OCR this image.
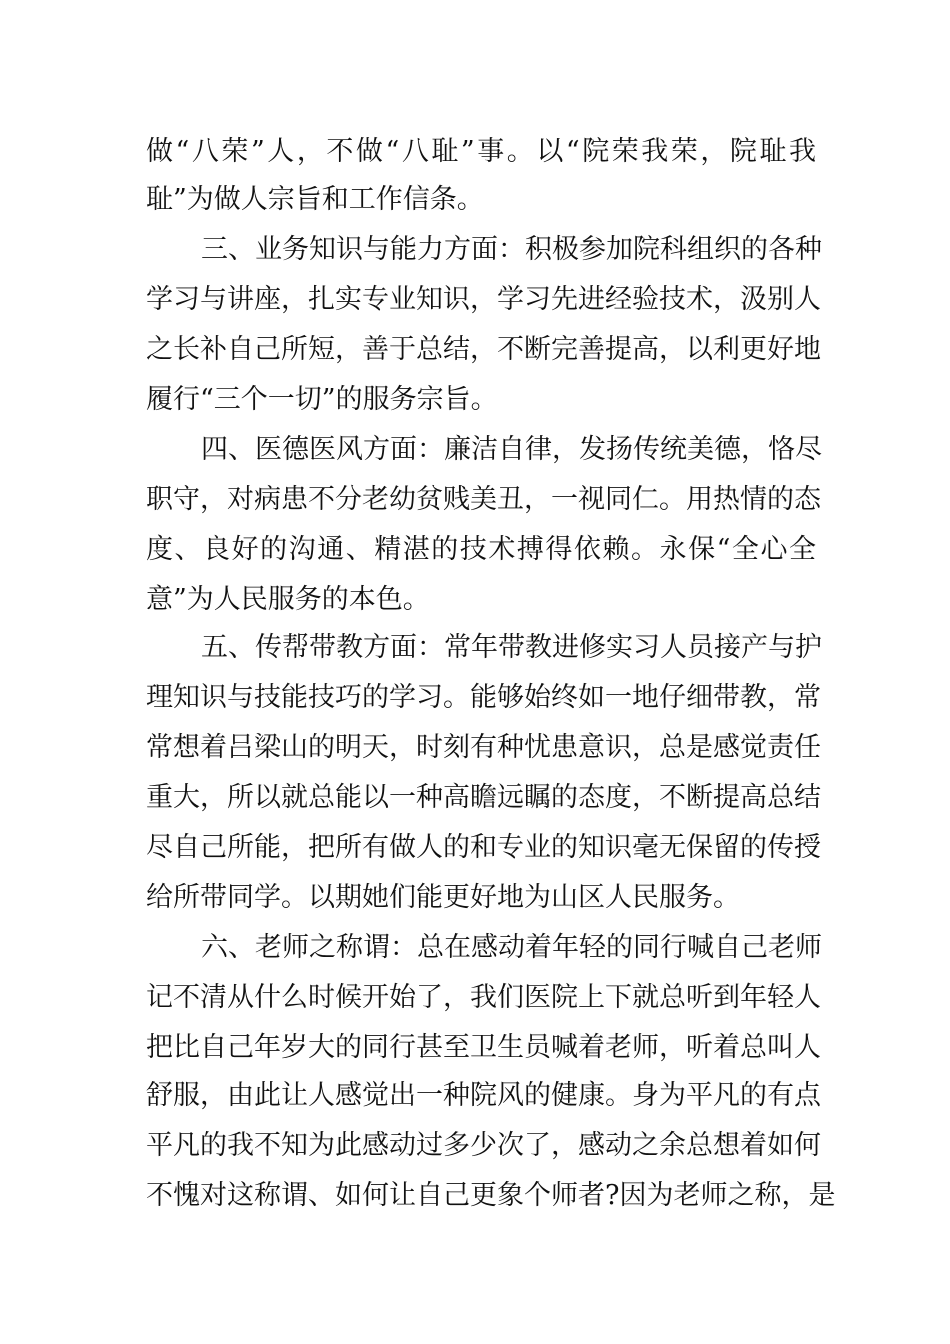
做“八荣”人，不做“八耻”事。以“院荣我荣，院耻我
耻”为做人宗旨和工作信条。
三、业务知识与能力方面：积极参加院科组织的各种
学习与讲座，扎实专业知识，学习先进经验技术，汲别人
之长补自己所短，善于总结，不断完善提高，以利更好地
履行“三个一切”的服务宗旨。
四、医德医风方面：廉洁自律，发扬传统美德，恪尽
职守，对病患不分老幼贫贱美丑，一视同仁。用热情的态
度、良好的沟通、精湛的技术搏得依赖。永保“全心全
意”为人民服务的本色。
五、传帮带教方面：常年带教进修实习人员接产与护
理知识与技能技巧的学习。能够始终如一地仔细带教，常
常想着吕梁山的明天，时刻有种忧患意识，总是感觉责任
重大，所以就总能以一种高瞻远瞩的态度，不断提高总结
尽自己所能，把所有做人的和专业的知识毫无保留的传授
给所带同学。以期她们能更好地为山区人民服务。
六、老师之称谓：总在感动着年轻的同行喊自己老师
记不清从什么时候开始了，我们医院上下就总听到年轻人
把比自己年岁大的同行甚至卫生员喊着老师，听着总叫人
舒服，由此让人感觉出一种院风的健康。身为平凡的有点
平凡的我不知为此感动过多少次了，感动之余总想着如何
不愧对这称谓、如何让自己更象个师者?因为老师之称，是
